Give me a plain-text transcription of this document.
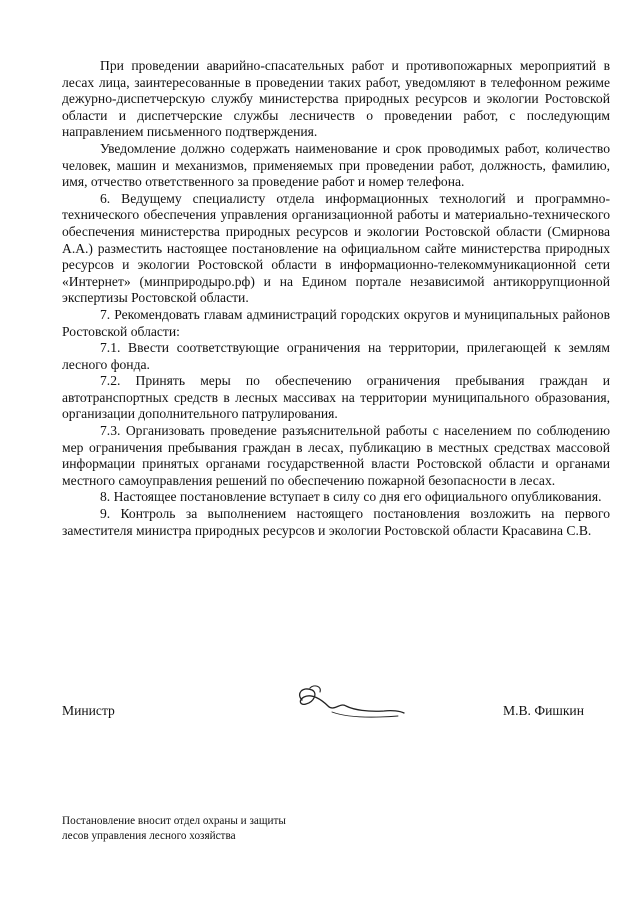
При проведении аварийно-спасательных работ и противопожарных мероприятий в лесах лица, заинтересованные в проведении таких работ, уведомляют в телефонном режиме дежурно-диспетчерскую службу министерства природных ресурсов и экологии Ростовской области и диспетчерские службы лесничеств о проведении работ, с последующим направлением письменного подтверждения.

Уведомление должно содержать наименование и срок проводимых работ, количество человек, машин и механизмов, применяемых при проведении работ, должность, фамилию, имя, отчество ответственного за проведение работ и номер телефона.

6. Ведущему специалисту отдела информационных технологий и программно-технического обеспечения управления организационной работы и материально-технического обеспечения министерства природных ресурсов и экологии Ростовской области (Смирнова А.А.) разместить настоящее постановление на официальном сайте министерства природных ресурсов и экологии Ростовской области в информационно-телекоммуникационной сети «Интернет» (минприродыро.рф) и на Едином портале независимой антикоррупционной экспертизы Ростовской области.

7. Рекомендовать главам администраций городских округов и муниципальных районов Ростовской области:

7.1. Ввести соответствующие ограничения на территории, прилегающей к землям лесного фонда.

7.2. Принять меры по обеспечению ограничения пребывания граждан и автотранспортных средств в лесных массивах на территории муниципального образования, организации дополнительного патрулирования.

7.3. Организовать проведение разъяснительной работы с населением по соблюдению мер ограничения пребывания граждан в лесах, публикацию в местных средствах массовой информации принятых органами государственной власти Ростовской области и органами местного самоуправления решений по обеспечению пожарной безопасности в лесах.

8. Настоящее постановление вступает в силу со дня его официального опубликования.

9. Контроль за выполнением настоящего постановления возложить на первого заместителя министра природных ресурсов и экологии Ростовской области Красавина С.В.

Министр	М.В. Фишкин
Постановление вносит отдел охраны и защиты
лесов управления лесного хозяйства
